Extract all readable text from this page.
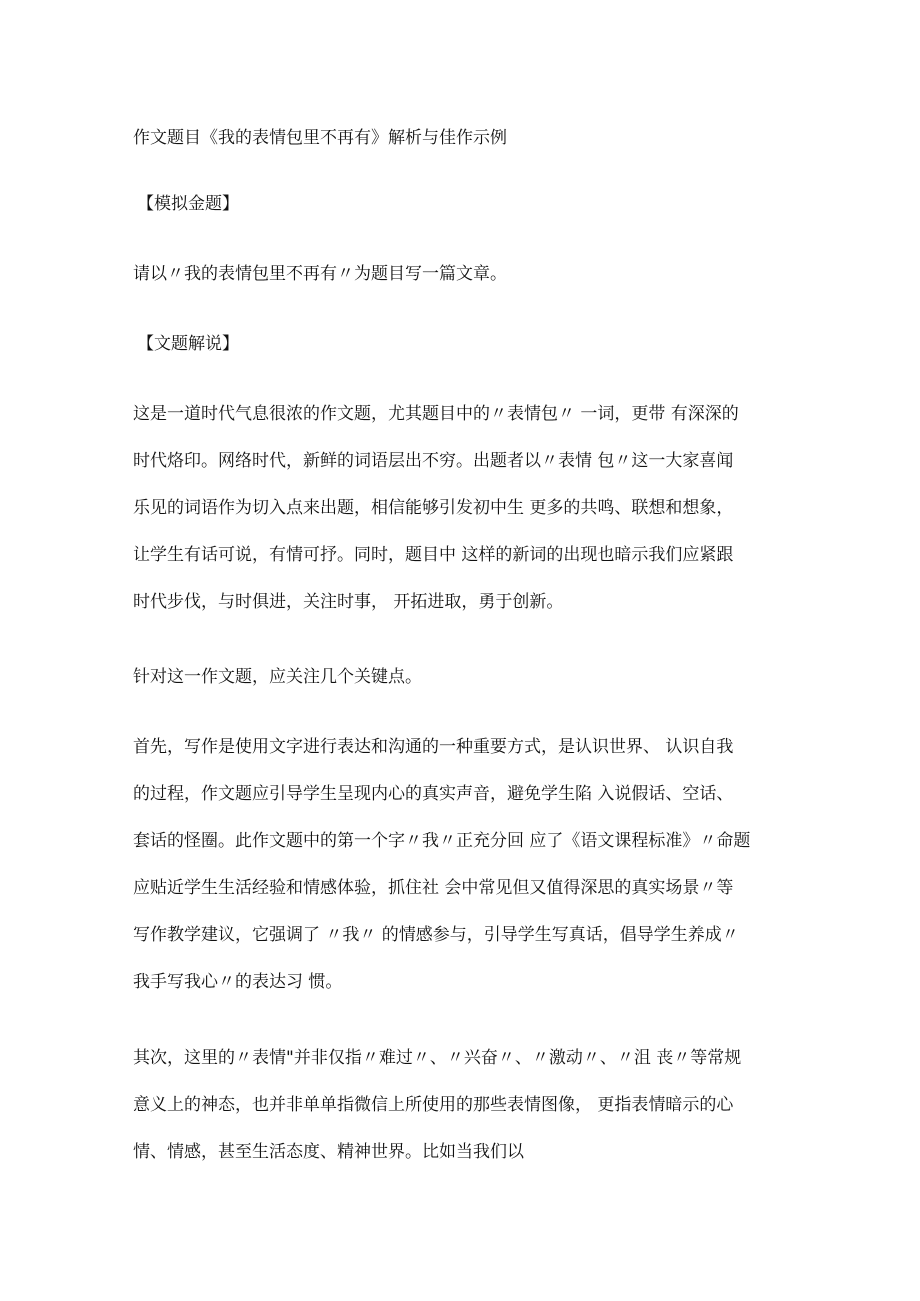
作文题目《我的表情包里不再有》解析与佳作示例
【模拟金题】
请以〃我的表情包里不再有〃为题目写一篇文章。
【文题解说】
这是一道时代气息很浓的作文题，尤其题目中的〃表情包〃 一词，更带 有深深的
时代烙印。网络时代，新鲜的词语层出不穷。出题者以〃表情 包〃这一大家喜闻
乐见的词语作为切入点来出题，相信能够引发初中生 更多的共鸣、联想和想象，
让学生有话可说，有情可抒。同时，题目中 这样的新词的出现也暗示我们应紧跟
时代步伐，与时俱进，关注时事， 开拓进取，勇于创新。
针对这一作文题，应关注几个关键点。
首先，写作是使用文字进行表达和沟通的一种重要方式，是认识世界、 认识自我
的过程，作文题应引导学生呈现内心的真实声音，避免学生陷 入说假话、空话、
套话的怪圈。此作文题中的第一个字〃我〃正充分回 应了《语文课程标准》〃命题
应贴近学生生活经验和情感体验，抓住社 会中常见但又值得深思的真实场景〃等
写作教学建议，它强调了 〃我〃 的情感参与，引导学生写真话，倡导学生养成〃
我手写我心〃的表达习 惯。
其次，这里的〃表情"并非仅指〃难过〃、〃兴奋〃、〃激动〃、〃沮 丧〃等常规
意义上的神态，也并非单单指微信上所使用的那些表情图像， 更指表情暗示的心
情、情感，甚至生活态度、精神世界。比如当我们以
